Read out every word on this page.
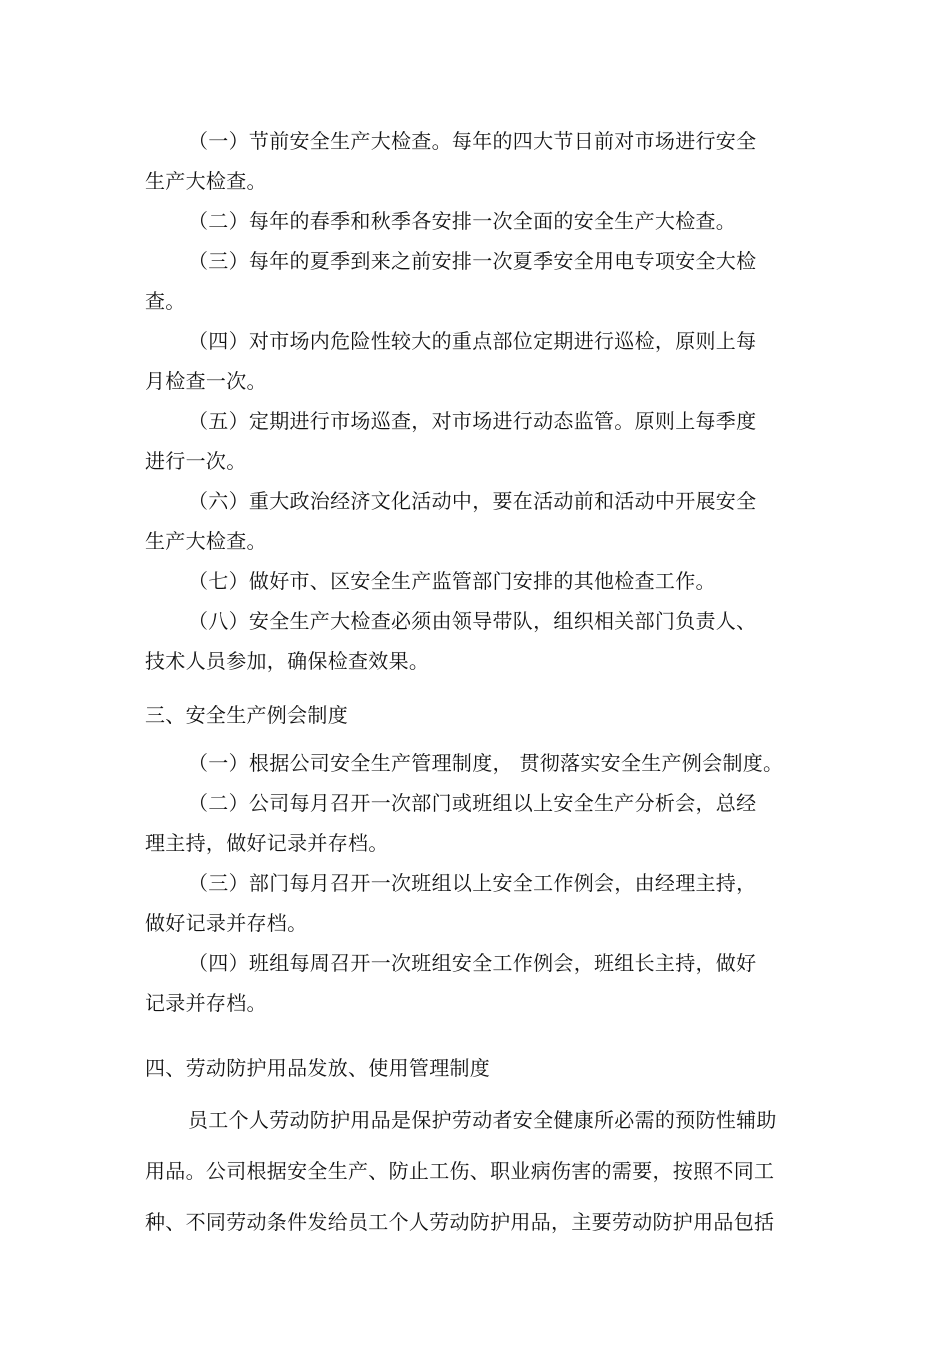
（一）节前安全生产大检查。每年的四大节日前对市场进行安全
生产大检查。
（二）每年的春季和秋季各安排一次全面的安全生产大检查。
（三）每年的夏季到来之前安排一次夏季安全用电专项安全大检
查。
（四）对市场内危险性较大的重点部位定期进行巡检，原则上每
月检查一次。
（五）定期进行市场巡查，对市场进行动态监管。原则上每季度
进行一次。
（六）重大政治经济文化活动中，要在活动前和活动中开展安全
生产大检查。
（七）做好市、区安全生产监管部门安排的其他检查工作。
（八）安全生产大检查必须由领导带队，组织相关部门负责人、
技术人员参加，确保检查效果。
三、安全生产例会制度
（一）根据公司安全生产管理制度， 贯彻落实安全生产例会制度。
（二）公司每月召开一次部门或班组以上安全生产分析会，总经
理主持，做好记录并存档。
（三）部门每月召开一次班组以上安全工作例会，由经理主持，
做好记录并存档。
（四）班组每周召开一次班组安全工作例会，班组长主持，做好
记录并存档。
四、劳动防护用品发放、使用管理制度
员工个人劳动防护用品是保护劳动者安全健康所必需的预防性辅助
用品。公司根据安全生产、防止工伤、职业病伤害的需要，按照不同工
种、不同劳动条件发给员工个人劳动防护用品，主要劳动防护用品包括
